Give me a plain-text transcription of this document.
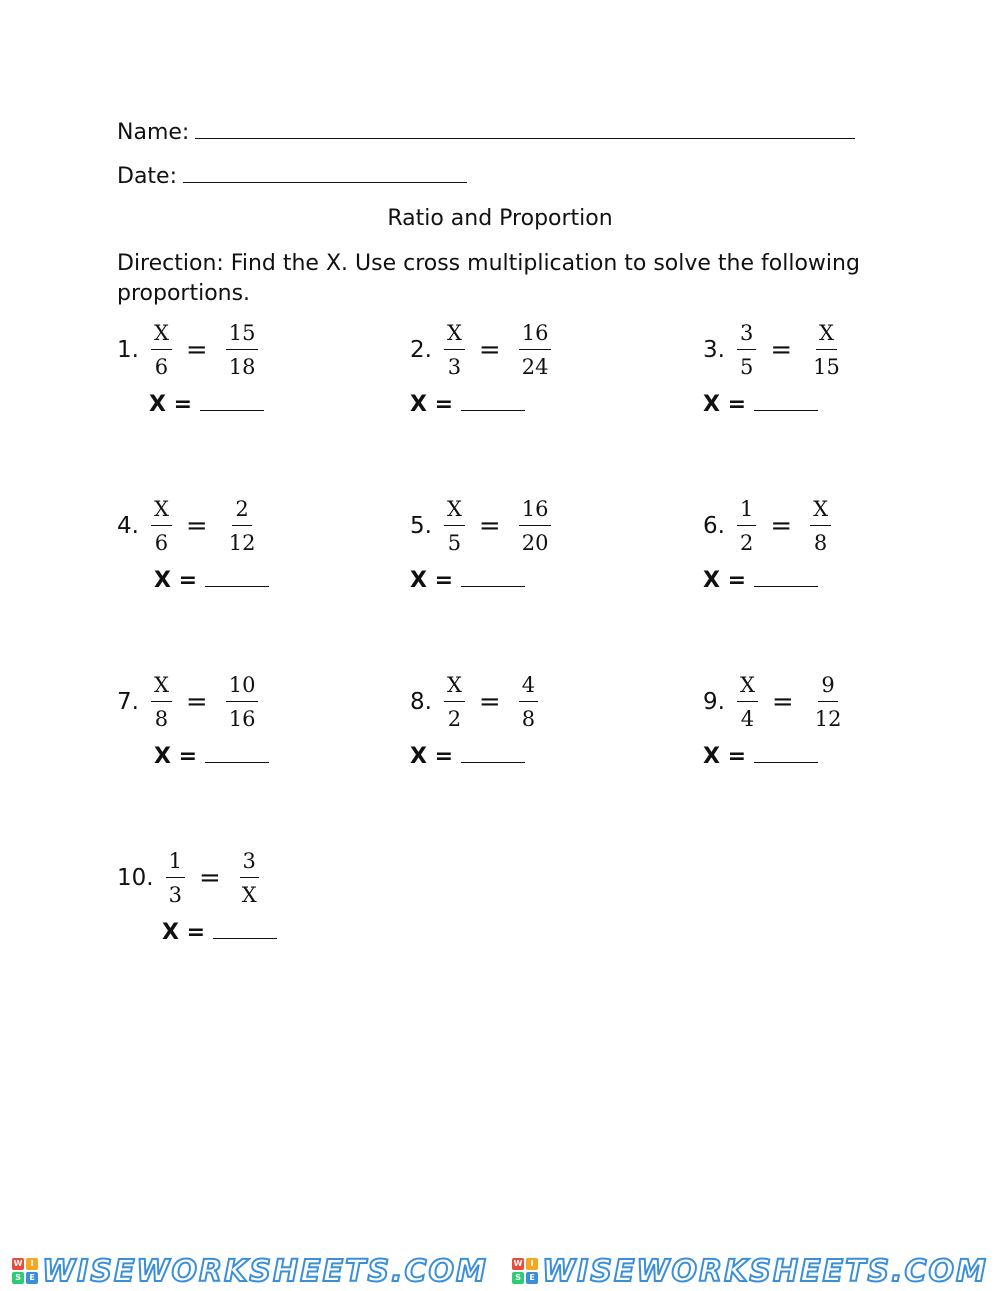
Name:
Date:
Ratio and Proportion
Direction: Find the X. Use cross multiplication to solve the following proportions.
1. $\frac{X}{6} = \frac{15}{18}$
X =
2. $\frac{X}{3} = \frac{16}{24}$
X =
3. $\frac{3}{5} = \frac{X}{15}$
X =
4. $\frac{X}{6} = \frac{2}{12}$
X =
5. $\frac{X}{5} = \frac{16}{20}$
X =
6. $\frac{1}{2} = \frac{X}{8}$
X =
7. $\frac{X}{8} = \frac{10}{16}$
X =
8. $\frac{X}{2} = \frac{4}{8}$
X =
9. $\frac{X}{4} = \frac{9}{12}$
X =
10. $\frac{1}{3} = \frac{3}{X}$
X =
W	I
S	E WISEWORKSHEETS.COM	W	I
S	E WISEWORKSHEETS.COM
